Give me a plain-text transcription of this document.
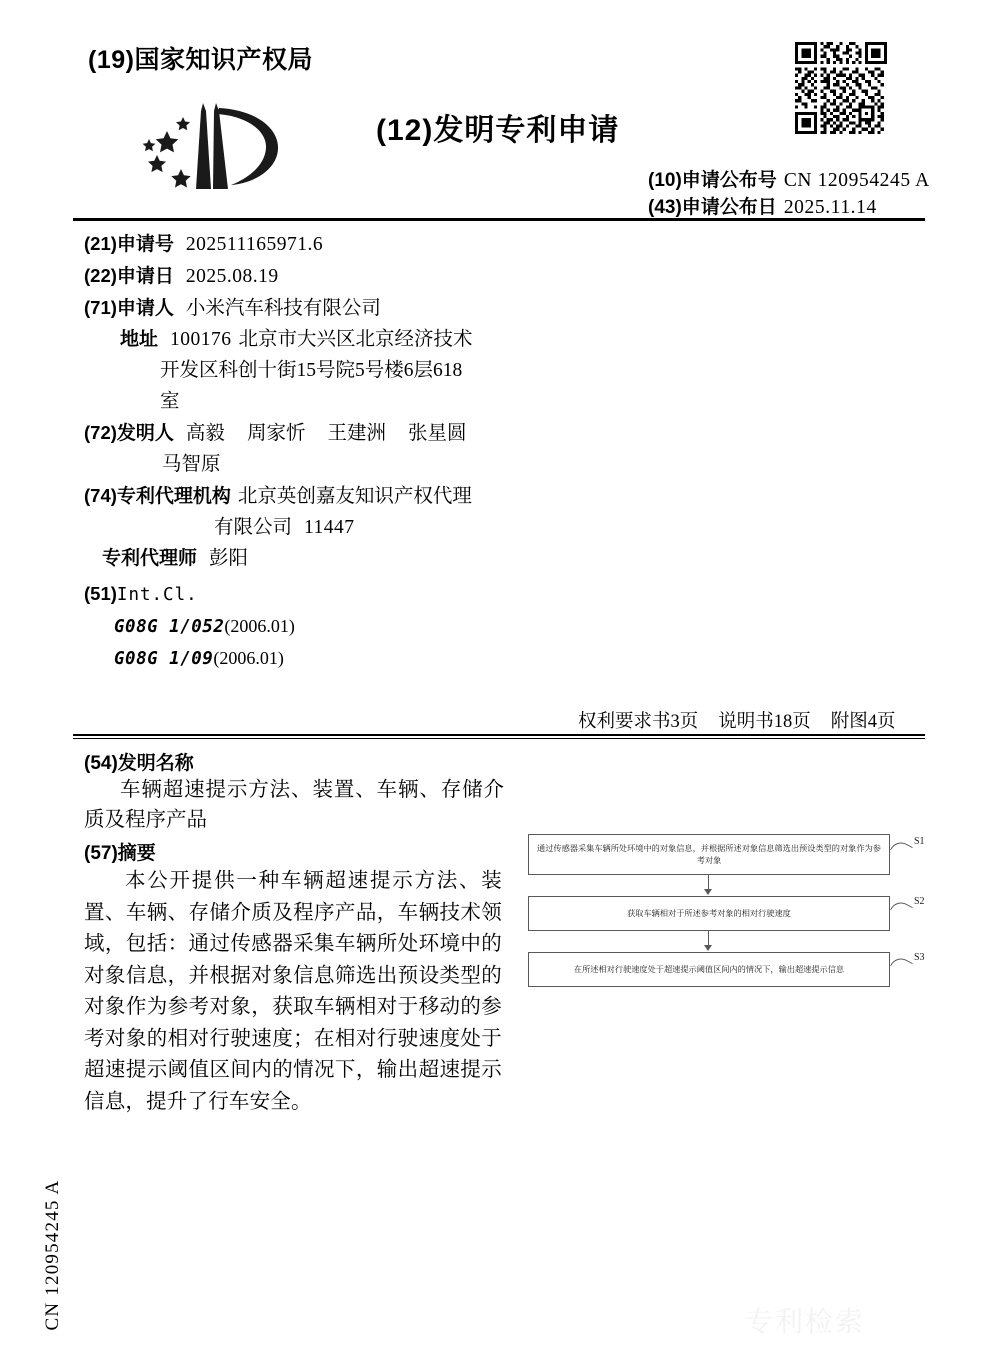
(19)国家知识产权局
(12)发明专利申请
(10)申请公布号 CN 120954245 A
(43)申请公布日 2025.11.14
(21)申请号 202511165971.6
(22)申请日 2025.08.19
(71)申请人 小米汽车科技有限公司
地址 100176 北京市大兴区北京经济技术
开发区科创十街15号院5号楼6层618
室
(72)发明人 高毅 周家忻 王建洲 张星圆
马智原
(74)专利代理机构 北京英创嘉友知识产权代理
有限公司 11447
专利代理师 彭阳
(51)Int.Cl.
G08G 1/052(2006.01)
G08G 1/09(2006.01)
权利要求书3页 说明书18页 附图4页
(54)发明名称
车辆超速提示方法、装置、车辆、存储介质及程序产品
(57)摘要
本公开提供一种车辆超速提示方法、装置、车辆、存储介质及程序产品，车辆技术领域，包括：通过传感器采集车辆所处环境中的对象信息，并根据对象信息筛选出预设类型的对象作为参考对象，获取车辆相对于移动的参考对象的相对行驶速度；在相对行驶速度处于超速提示阈值区间内的情况下，输出超速提示信息，提升了行车安全。
通过传感器采集车辆所处环境中的对象信息，并根据所述对象信息筛选出预设类型的对象作为参考对象
S1
获取车辆相对于所述参考对象的相对行驶速度
S2
在所述相对行驶速度处于超速提示阈值区间内的情况下，输出超速提示信息
S3
CN 120954245 A	专利检索
